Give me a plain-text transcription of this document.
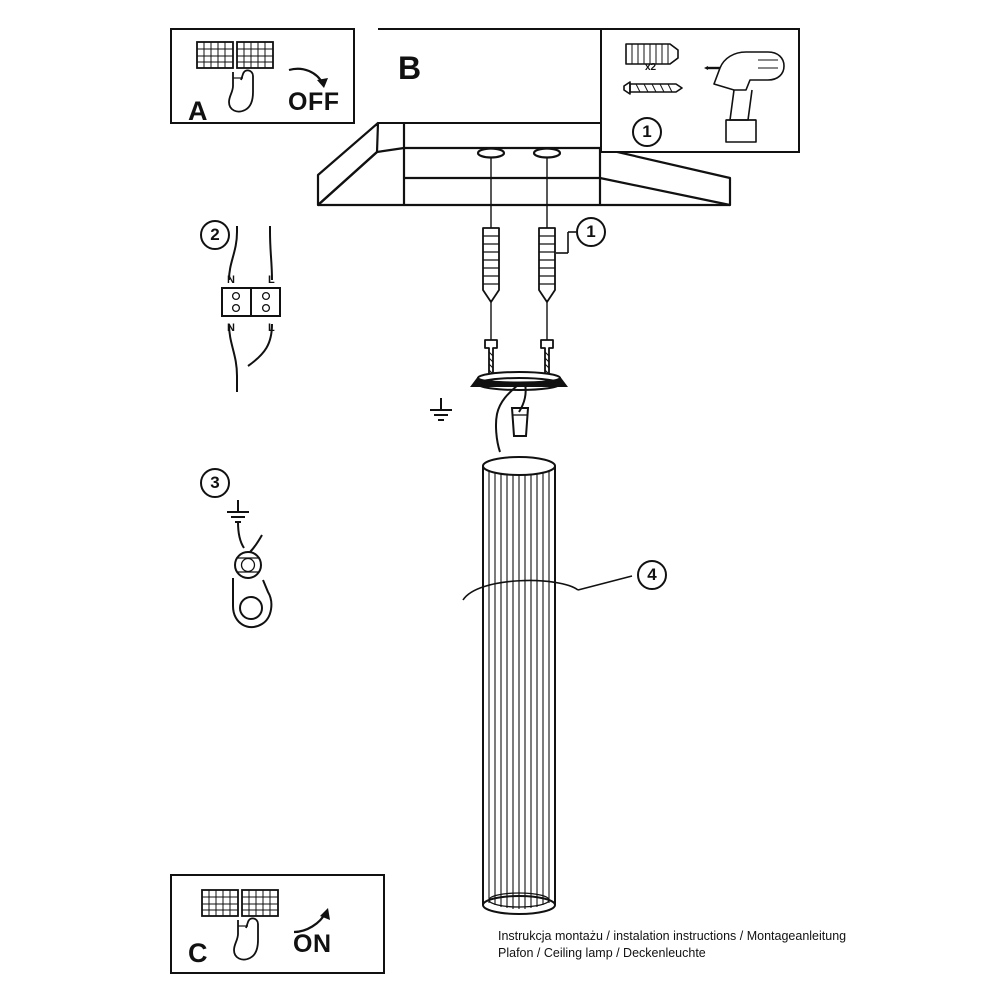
A	OFF
B	x2
1
1
2
N	L
N	L
3
4
C	ON	Instrukcja montażu / instalation instructions / Montageanleitung
Plafon / Ceiling lamp / Deckenleuchte
